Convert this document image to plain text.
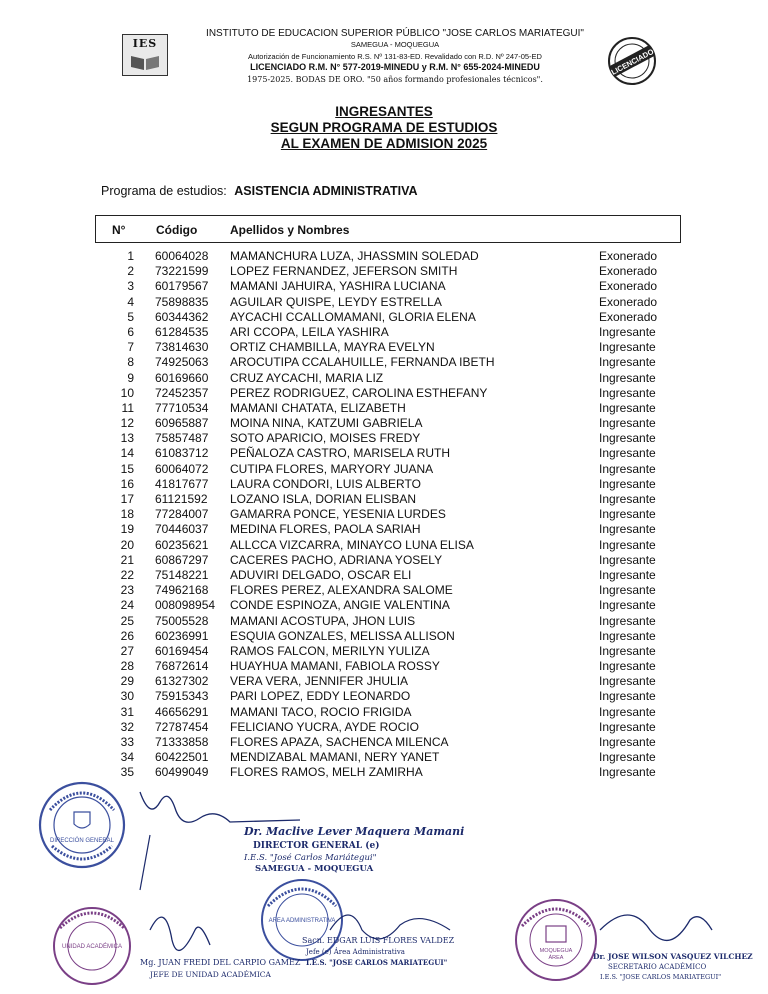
IES
INSTITUTO DE EDUCACION SUPERIOR PÚBLICO "JOSE CARLOS MARIATEGUI"
SAMEGUA - MOQUEGUA
Autorización de Funcionamiento R.S. Nº 131-83-ED. Revalidado con R.D. Nº 247-05-ED
LICENCIADO R.M. N° 577-2019-MINEDU y R.M. N° 655-2024-MINEDU
1975-2025. BODAS DE ORO. "50 años formando profesionales técnicos".
LICENCIADO
INGRESANTES
SEGUN PROGRAMA DE ESTUDIOS
AL EXAMEN DE ADMISION 2025
Programa de estudios: ASISTENCIA ADMINISTRATIVA
N°	Código	Apellidos y Nombres
1 60064028 MAMANCHURA LUZA, JHASSMIN SOLEDAD	Exonerado
2 73221599 LOPEZ FERNANDEZ, JEFERSON SMITH	Exonerado
3 60179567 MAMANI JAHUIRA, YASHIRA LUCIANA	Exonerado
4 75898835 AGUILAR QUISPE, LEYDY ESTRELLA	Exonerado
5 60344362 AYCACHI CCALLOMAMANI, GLORIA ELENA	Exonerado
6 61284535 ARI CCOPA, LEILA YASHIRA	Ingresante
7 73814630 ORTIZ CHAMBILLA, MAYRA EVELYN	Ingresante
8 74925063 AROCUTIPA CCALAHUILLE, FERNANDA IBETH	Ingresante
9 60169660 CRUZ AYCACHI, MARIA LIZ	Ingresante
10 72452357 PEREZ RODRIGUEZ, CAROLINA ESTHEFANY	Ingresante
11 77710534 MAMANI CHATATA, ELIZABETH	Ingresante
12 60965887 MOINA NINA, KATZUMI GABRIELA	Ingresante
13 75857487 SOTO APARICIO, MOISES FREDY	Ingresante
14 61083712 PEÑALOZA CASTRO, MARISELA RUTH	Ingresante
15 60064072 CUTIPA FLORES, MARYORY JUANA	Ingresante
16 41817677 LAURA CONDORI, LUIS ALBERTO	Ingresante
17 61121592 LOZANO ISLA, DORIAN ELISBAN	Ingresante
18 77284007 GAMARRA PONCE, YESENIA LURDES	Ingresante
19 70446037 MEDINA FLORES, PAOLA SARIAH	Ingresante
20 60235621 ALLCCA VIZCARRA, MINAYCO LUNA ELISA	Ingresante
21 60867297 CACERES PACHO, ADRIANA YOSELY	Ingresante
22 75148221 ADUVIRI DELGADO, OSCAR ELI	Ingresante
23 74962168 FLORES PEREZ, ALEXANDRA SALOME	Ingresante
24 008098954 CONDE ESPINOZA, ANGIE VALENTINA	Ingresante
25 75005528 MAMANI ACOSTUPA, JHON LUIS	Ingresante
26 60236991 ESQUIA GONZALES, MELISSA ALLISON	Ingresante
27 60169454 RAMOS FALCON, MERILYN YULIZA	Ingresante
28 76872614 HUAYHUA MAMANI, FABIOLA ROSSY	Ingresante
29 61327302 VERA VERA, JENNIFER JHULIA	Ingresante
30 75915343 PARI LOPEZ, EDDY LEONARDO	Ingresante
31 46656291 MAMANI TACO, ROCIO FRIGIDA	Ingresante
32 72787454 FELICIANO YUCRA, AYDE ROCIO	Ingresante
33 71333858 FLORES APAZA, SACHENCA MILENCA	Ingresante
34 60422501 MENDIZABAL MAMANI, NERY YANET	Ingresante
35 60499049 FLORES RAMOS, MELH ZAMIRHA	Ingresante
DIRECCIÓN GENERAL
UNIDAD ACADÉMICA
AREA ADMINISTRATIVA
MOQUEGUA
ÁREA
Dr. Maclive Lever Maquera Mamani
DIRECTOR GENERAL (e)
I.E.S. "José Carlos Mariátegui"
SAMEGUA - MOQUEGUA
Mg. JUAN FREDI DEL CARPIO GAMEZ
JEFE DE UNIDAD ACADÉMICA
Sacn. EDGAR LUIS FLORES VALDEZ
Jefe (e) Área Administrativa
I.E.S. "JOSE CARLOS MARIATEGUI"
Dr. JOSE WILSON VASQUEZ VILCHEZ
SECRETARIO ACADÉMICO
I.E.S. "JOSE CARLOS MARIATEGUI"
